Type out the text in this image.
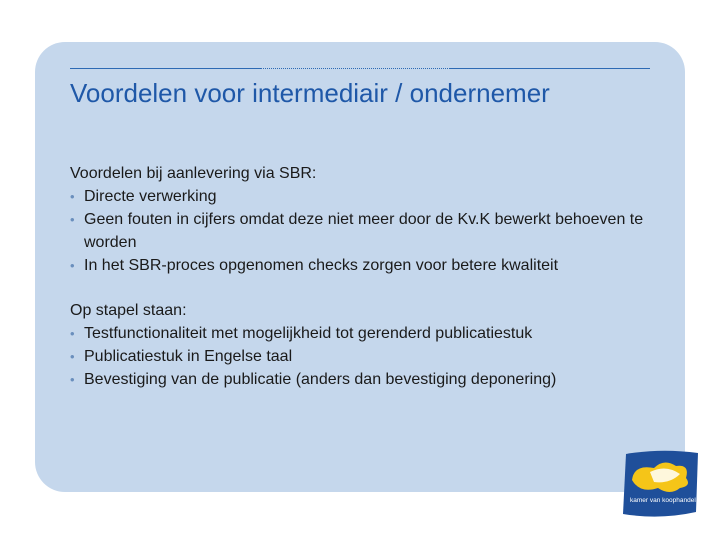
Voordelen voor intermediair / ondernemer

Voordelen bij aanlevering via SBR:

• Directe verwerking
• Geen fouten in cijfers omdat deze niet meer door de Kv.K bewerkt behoeven te worden
• In het SBR-proces opgenomen checks zorgen voor betere kwaliteit

Op stapel staan:

• Testfunctionaliteit met mogelijkheid tot gerenderd publicatiestuk
• Publicatiestuk in Engelse taal
• Bevestiging van de publicatie (anders dan bevestiging deponering)
kamer van koophandel
